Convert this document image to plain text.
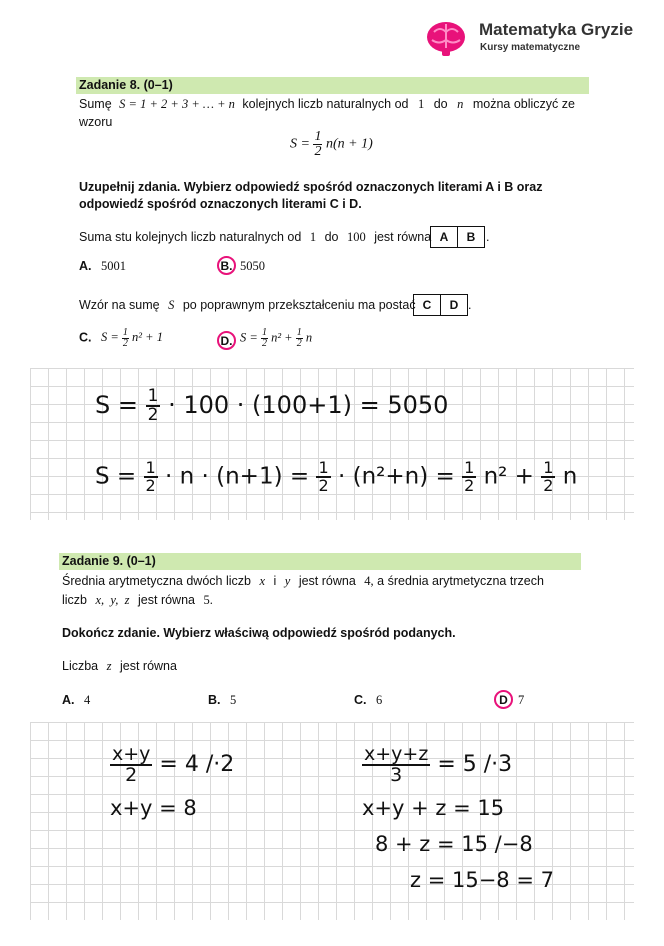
Matematyka Gryzie
Kursy matematyczne
Zadanie 8. (0–1)
Sumę S = 1 + 2 + 3 + … + n kolejnych liczb naturalnych od 1 do n można obliczyć ze
wzoru
$S = \frac{1}{2} n(n + 1)$
Uzupełnij zdania. Wybierz odpowiedź spośród oznaczonych literami A i B oraz
odpowiedź spośród oznaczonych literami C i D.
Suma stu kolejnych liczb naturalnych od 1 do 100 jest równa A	B .
A. 5001	B. 5050
Wzór na sumę S po poprawnym przekształceniu ma postać C	D .
C. $S = \frac{1}{2} n^2 + 1$	D. $S = \frac{1}{2} n^2 + \frac{1}{2}$ n
$S = \frac{1}{2} \cdot 100 \cdot (100+1) = 5050$
$S = \frac{1}{2} \cdot n \cdot (n+1) = \frac{1}{2} \cdot (n^2+n) = \frac{1}{2} n^2 + \frac{1}{2}$ n
Zadanie 9. (0–1)
Średnia arytmetyczna dwóch liczb x i y jest równa 4, a średnia arytmetyczna trzech
liczb x,  y,  z jest równa 5.
Dokończ zdanie. Wybierz właściwą odpowiedź spośród podanych.
Liczba z jest równa
A. 4	B. 5	C. 6	D 7
$\frac{x+y}{2} = 4$ /·2
x+y = 8
$\frac{x+y+z}{3} = 5$ /·3
x+y + z = 15
8 + z = 15 /−8
z = 15−8 = 7
